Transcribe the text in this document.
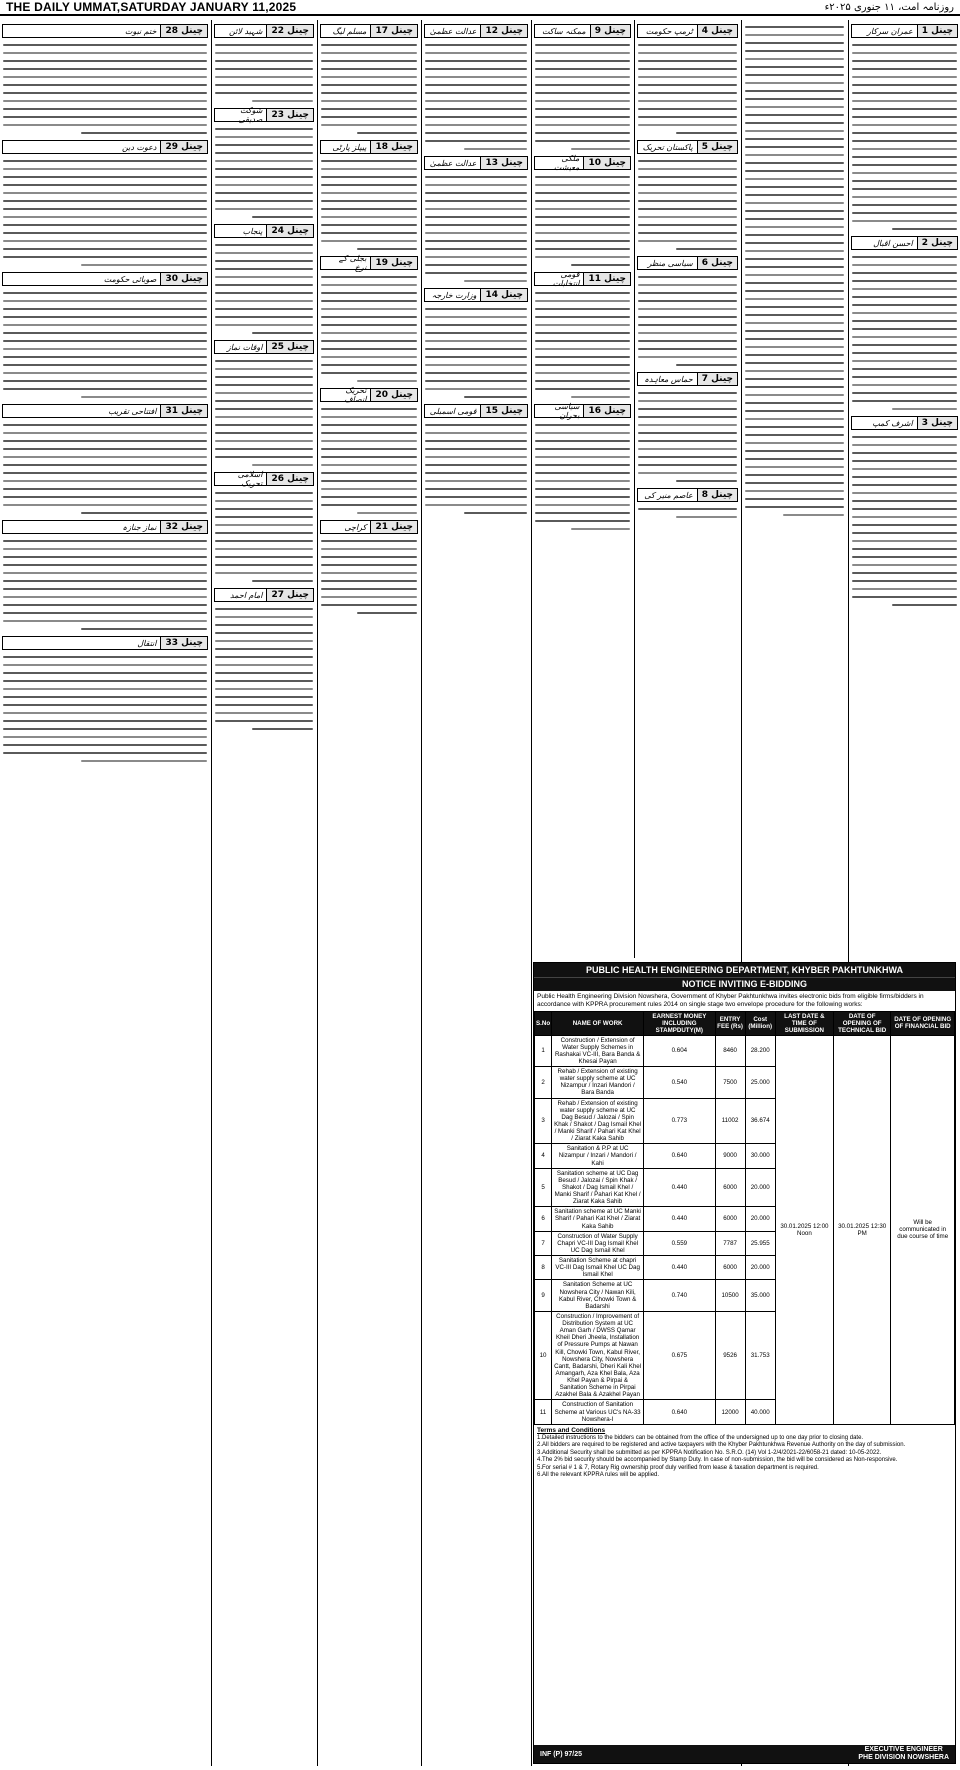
THE DAILY UMMAT,SATURDAY JANUARY 11,2025	روزنامہ امت، ۱۱ جنوری ۲۰۲۵ء
چینل 1
عمران سرکار
چینل 2
احسن اقبال
چینل 3
اشرف کمپ
چینل 4
ٹرمپ حکومت
چینل 5
پاکستان تحریک
چینل 6
سیاسی منظر
چینل 7
حماس معاہدہ
چینل 8
عاصم منیر کی
چینل 9
ممکنہ ساکت
چینل 10
ملکی معیشت
چینل 11
قومی انتخابات
چینل 16
سیاسی بحران
چینل 12
عدالت عظمیٰ
چینل 13
عدالت عظمیٰ
چینل 14
وزارت خارجہ
چینل 15
قومی اسمبلی
چینل 17
مسلم لیگ
چینل 18
پیپلز پارٹی
چینل 19
بجلی کے نرخ
چینل 20
تحریک انصاف
چینل 21
کراچی
چینل 22
شہید لائن
چینل 23
شوکت صدیقی
چینل 24
پنجاب
چینل 25
اوقات نماز
چینل 26
اسلامی تحریک
چینل 27
امام احمد
چینل 28
ختم نبوت
چینل 29
دعوت دین
چینل 30
صوبائی حکومت
چینل 31
افتتاحی تقریب
چینل 32
نماز جنازہ
چینل 33
انتقال
PUBLIC HEALTH ENGINEERING DEPARTMENT, KHYBER PAKHTUNKHWA
NOTICE INVITING E-BIDDING
Public Health Engineering Division Nowshera, Government of Khyber Pakhtunkhwa invites electronic bids from eligible firms/bidders in accordance with KPPRA procurement rules 2014 on single stage two envelope procedure for the following works:
S.No	NAME OF WORK	EARNEST MONEY INCLUDING STAMPDUTY(M)	ENTRY FEE (Rs)	Cost (Million)	LAST DATE & TIME OF SUBMISSION	DATE OF OPENING OF TECHNICAL BID	DATE OF OPENING OF FINANCIAL BID
1	Construction / Extension of Water Supply Schemes in Rashakai VC-III, Bara Banda & Khesai Payan	0.604	8460	28.200	30.01.2025 12:00 Noon	30.01.2025 12:30 PM	Will be communicated in due course of time
2	Rehab / Extension of existing water supply scheme at UC Nizampur / Inzari Mandori / Bara Banda	0.540	7500	25.000			
3	Rehab / Extension of existing water supply scheme at UC Dag Besud / Jalozai / Spin Khak / Shakot / Dag Ismail Khel / Manki Sharif / Pahari Kat Khel / Ziarat Kaka Sahib	0.773	11002	36.674			
4	Sanitation & P.P at UC Nizampur / Inzari / Mandori / Kahi	0.640	9000	30.000			
5	Sanitation scheme at UC Dag Besud / Jalozai / Spin Khak / Shakot / Dag Ismail Khel / Manki Sharif / Pahari Kat Khel / Ziarat Kaka Sahib	0.440	6000	20.000			
6	Sanitation scheme at UC Manki Sharif / Pahari Kat Khel / Ziarat Kaka Sahib	0.440	6000	20.000			
7	Construction of Water Supply Chapri VC-III Dag Ismail Khel UC Dag Ismail Khel	0.559	7787	25.955			
8	Sanitation Scheme at chapri VC-III Dag Ismail Khel UC Dag Ismail Khel	0.440	6000	20.000			
9	Sanitation Scheme at UC Nowshera City / Nawan Kili, Kabul River, Chowki Town & Badarshi	0.740	10500	35.000			
10	Construction / Improvement of Distribution System at UC Aman Garh / DWSS Qamar Kheil Dheri Jheela, Installation of Pressure Pumps at Nawan Kill, Chowki Town, Kabul River, Nowshera City, Nowshera Cantt, Badarshi, Dheri Kali Khel Amangarh, Aza Khel Bala, Aza Khel Payan & Pirpai & Sanitation Scheme in Pirpai Azakhel Bala & Azakhel Payan	0.675	9526	31.753			
11	Construction of Sanitation Scheme at Various UC's NA-33 Nowshera-I	0.640	12000	40.000			
Terms and Conditions
1.Detailed instructions to the bidders can be obtained from the office of the undersigned up to one day prior to closing date.
2.All bidders are required to be registered and active taxpayers with the Khyber Pakhtunkhwa Revenue Authority on the day of submission.
3.Additional Security shall be submitted as per KPPRA Notification No. S.R.O. (14) Vol 1-2/4/2021-22/6058-21 dated: 10-05-2022.
4.The 2% bid security should be accompanied by Stamp Duty. In case of non-submission, the bid will be considered as Non-responsive.
5.For serial # 1 & 7, Rotary Rig ownership proof duly verified from lease & taxation department is required.
6.All the relevant KPPRA rules will be applied.
INF (P) 97/25
EXECUTIVE ENGINEER
PHE DIVISION NOWSHERA
